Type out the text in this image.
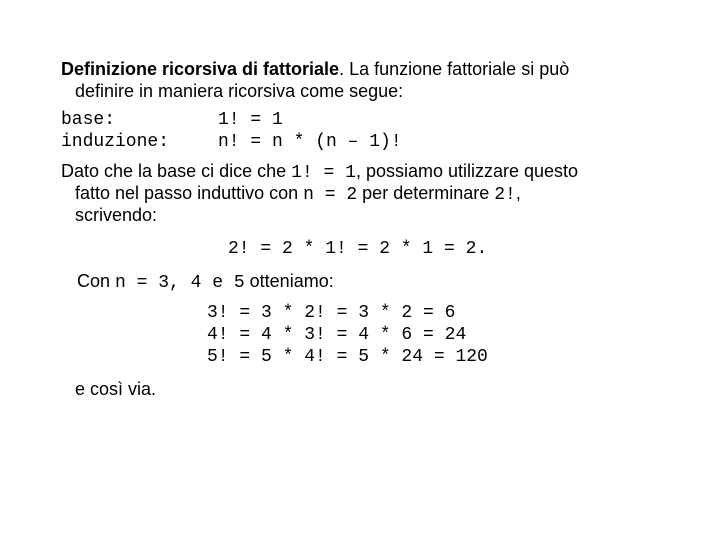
Definizione ricorsiva di fattoriale. La funzione fattoriale si può
definire in maniera ricorsiva come segue:
base:	1! = 1
induzione:	n! = n * (n – 1)!
Dato che la base ci dice che 1! = 1, possiamo utilizzare questo
fatto nel passo induttivo con n = 2 per determinare 2!,
scrivendo:
2! = 2 * 1! = 2 * 1 = 2.
Con n = 3, 4 e 5 otteniamo:
3! = 3 * 2! = 3 * 2 = 6
4! = 4 * 3! = 4 * 6 = 24
5! = 5 * 4! = 5 * 24 = 120
e così via.
